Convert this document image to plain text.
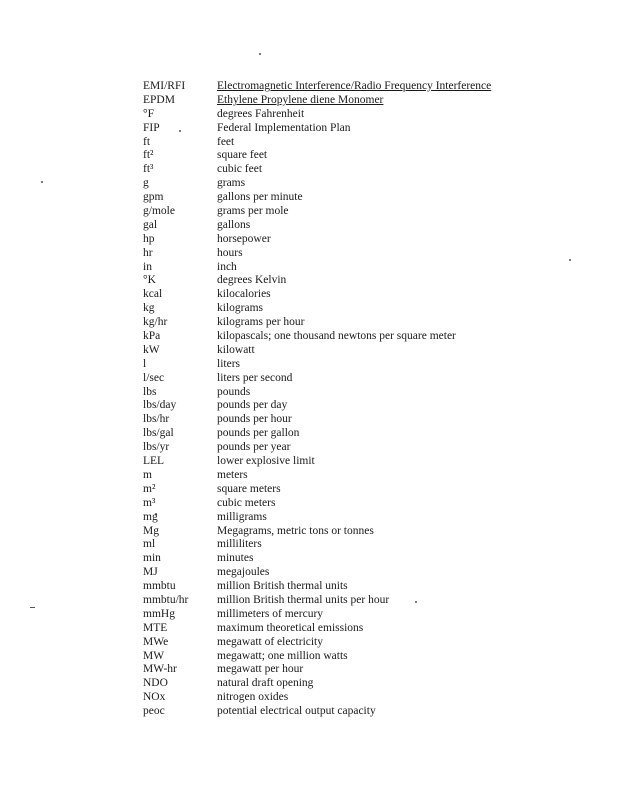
EMI/RFI	Electromagnetic Interference/Radio Frequency Interference
EPDM	Ethylene Propylene diene Monomer
°F	degrees Fahrenheit
FIP	Federal Implementation Plan
ft	feet
ft²	square feet
ft³	cubic feet
g	grams
gpm	gallons per minute
g/mole	grams per mole
gal	gallons
hp	horsepower
hr	hours
in	inch
°K	degrees Kelvin
kcal	kilocalories
kg	kilograms
kg/hr	kilograms per hour
kPa	kilopascals; one thousand newtons per square meter
kW	kilowatt
l	liters
l/sec	liters per second
lbs	pounds
lbs/day	pounds per day
lbs/hr	pounds per hour
lbs/gal	pounds per gallon
lbs/yr	pounds per year
LEL	lower explosive limit
m	meters
m²	square meters
m³	cubic meters
mg	milligrams
Mg	Megagrams, metric tons or tonnes
ml	milliliters
min	minutes
MJ	megajoules
mmbtu	million British thermal units
mmbtu/hr	million British thermal units per hour
mmHg	millimeters of mercury
MTE	maximum theoretical emissions
MWe	megawatt of electricity
MW	megawatt; one million watts
MW-hr	megawatt per hour
NDO	natural draft opening
NOx	nitrogen oxides
peoc	potential electrical output capacity
